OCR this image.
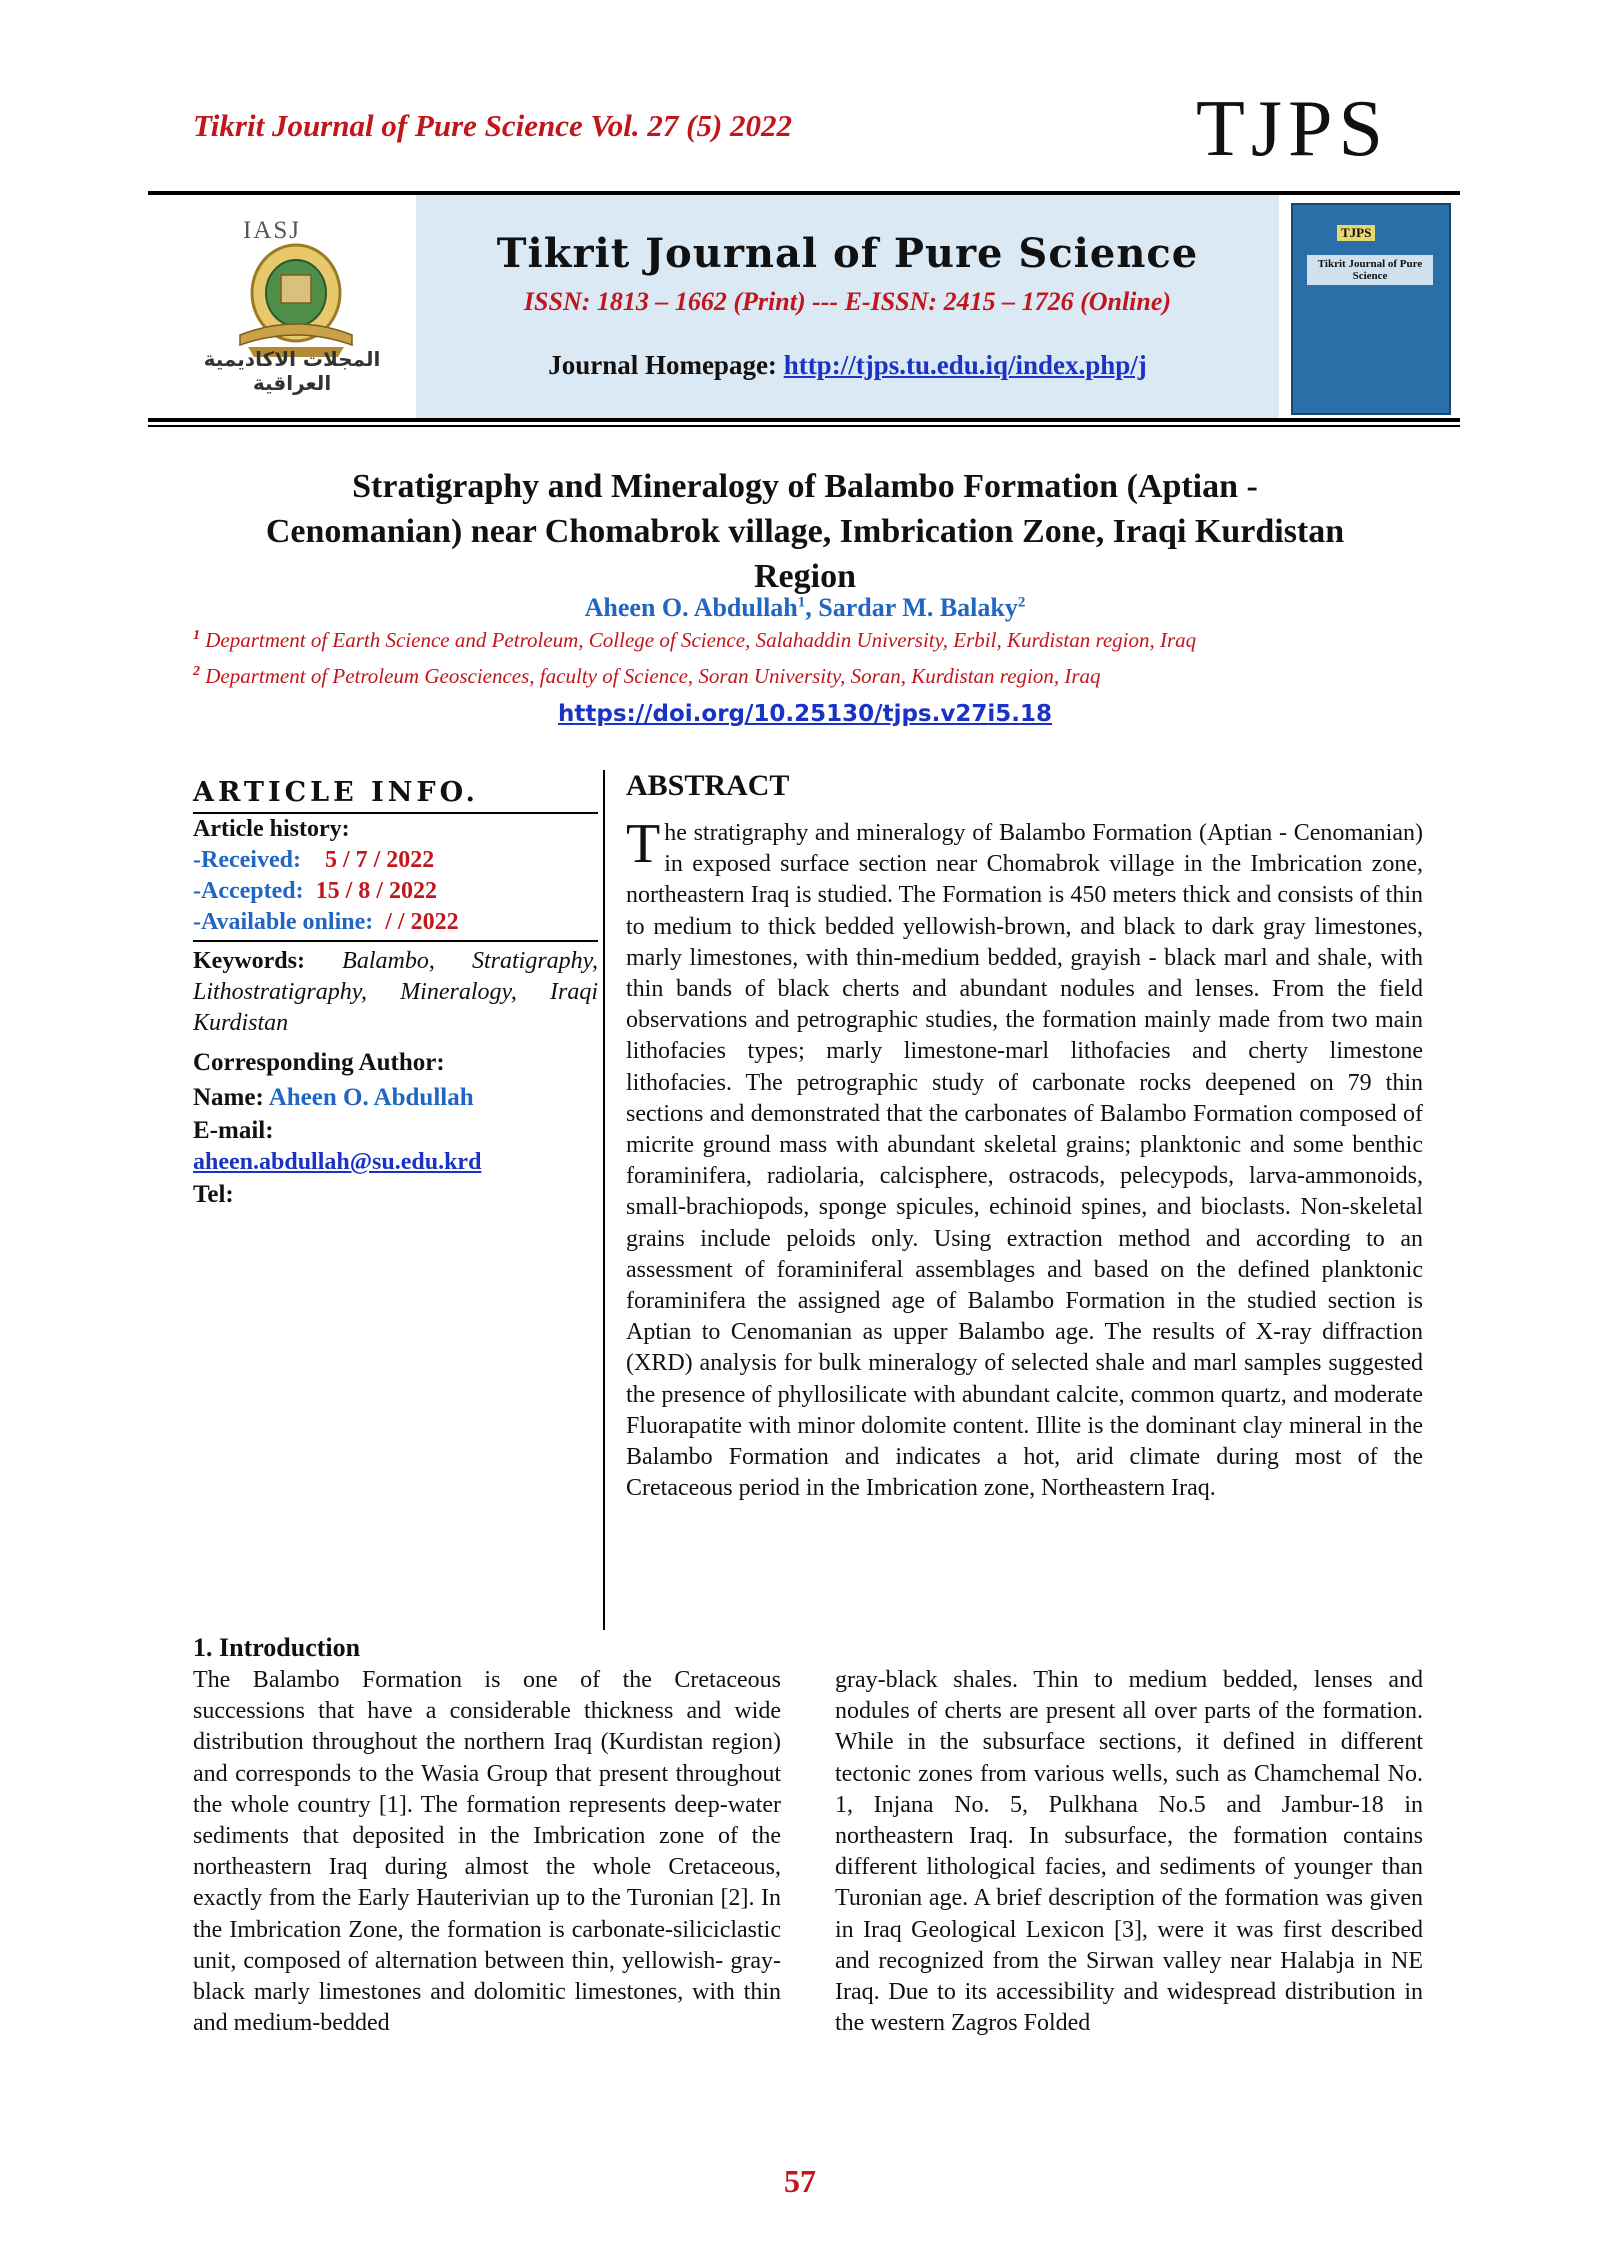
Tikrit Journal of Pure Science Vol. 27 (5) 2022	TJPS
IASJ
المجلات الاكاديمية العراقية
Tikrit Journal of Pure Science
ISSN: 1813 – 1662 (Print) --- E-ISSN: 2415 – 1726 (Online)
Journal Homepage: http://tjps.tu.edu.iq/index.php/j
TJPS
Tikrit Journal of Pure Science
Stratigraphy and Mineralogy of Balambo Formation (Aptian -
Cenomanian) near Chomabrok village, Imbrication Zone, Iraqi Kurdistan
Region
Aheen O. Abdullah$^1$, Sardar M. Balaky$^2$
$^1$ Department of Earth Science and Petroleum, College of Science, Salahaddin University, Erbil, Kurdistan region, Iraq
$^2$ Department of Petroleum Geosciences, faculty of Science, Soran University, Soran, Kurdistan region, Iraq
https://doi.org/10.25130/tjps.v27i5.18
ARTICLE INFO.
Article history:
-Received: 5 / 7 / 2022
-Accepted: 15 / 8 / 2022
-Available online: / / 2022
Keywords: Balambo, Stratigraphy, Lithostratigraphy, Mineralogy, Iraqi Kurdistan
Corresponding Author:
Name: Aheen O. Abdullah
E-mail:
aheen.abdullah@su.edu.krd
Tel:
ABSTRACT
The stratigraphy and mineralogy of Balambo Formation (Aptian - Cenomanian) in exposed surface section near Chomabrok village in the Imbrication zone, northeastern Iraq is studied. The Formation is 450 meters thick and consists of thin to medium to thick bedded yellowish-brown, and black to dark gray limestones, marly limestones, with thin-medium bedded, grayish - black marl and shale, with thin bands of black cherts and abundant nodules and lenses. From the field observations and petrographic studies, the formation mainly made from two main lithofacies types; marly limestone-marl lithofacies and cherty limestone lithofacies. The petrographic study of carbonate rocks deepened on 79 thin sections and demonstrated that the carbonates of Balambo Formation composed of micrite ground mass with abundant skeletal grains; planktonic and some benthic foraminifera, radiolaria, calcisphere, ostracods, pelecypods, larva-ammonoids, small-brachiopods, sponge spicules, echinoid spines, and bioclasts. Non-skeletal grains include peloids only. Using extraction method and according to an assessment of foraminiferal assemblages and based on the defined planktonic foraminifera the assigned age of Balambo Formation in the studied section is Aptian to Cenomanian as upper Balambo age. The results of X-ray diffraction (XRD) analysis for bulk mineralogy of selected shale and marl samples suggested the presence of phyllosilicate with abundant calcite, common quartz, and moderate Fluorapatite with minor dolomite content. Illite is the dominant clay mineral in the Balambo Formation and indicates a hot, arid climate during most of the Cretaceous period in the Imbrication zone, Northeastern Iraq.
1. Introduction
The Balambo Formation is one of the Cretaceous successions that have a considerable thickness and wide distribution throughout the northern Iraq (Kurdistan region) and corresponds to the Wasia Group that present throughout the whole country [1]. The formation represents deep-water sediments that deposited in the Imbrication zone of the northeastern Iraq during almost the whole Cretaceous, exactly from the Early Hauterivian up to the Turonian [2]. In the Imbrication Zone, the formation is carbonate-siliciclastic unit, composed of alternation between thin, yellowish- gray-black marly limestones and dolomitic limestones, with thin and medium-bedded
gray-black shales. Thin to medium bedded, lenses and nodules of cherts are present all over parts of the formation. While in the subsurface sections, it defined in different tectonic zones from various wells, such as Chamchemal No. 1, Injana No. 5, Pulkhana No.5 and Jambur-18 in northeastern Iraq. In subsurface, the formation contains different lithological facies, and sediments of younger than Turonian age. A brief description of the formation was given in Iraq Geological Lexicon [3], were it was first described and recognized from the Sirwan valley near Halabja in NE Iraq. Due to its accessibility and widespread distribution in the western Zagros Folded
57
